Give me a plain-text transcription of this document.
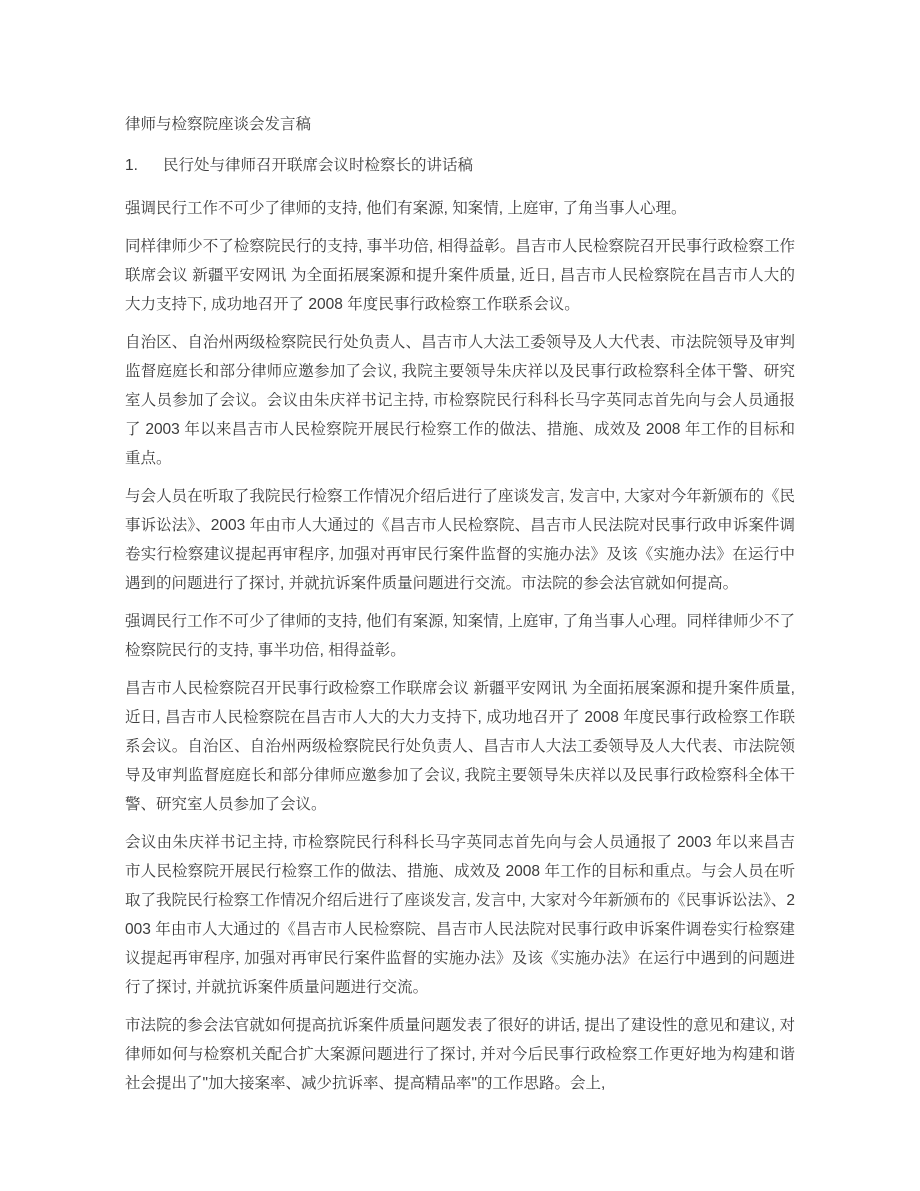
律师与检察院座谈会发言稿
1.	民行处与律师召开联席会议时检察长的讲话稿

强调民行工作不可少了律师的支持, 他们有案源, 知案情, 上庭审, 了角当事人心理。

同样律师少不了检察院民行的支持, 事半功倍, 相得益彰。昌吉市人民检察院召开民事行政检察工作联席会议 新疆平安网讯 为全面拓展案源和提升案件质量, 近日, 昌吉市人民检察院在昌吉市人大的大力支持下, 成功地召开了 2008 年度民事行政检察工作联系会议。

自治区、自治州两级检察院民行处负责人、昌吉市人大法工委领导及人大代表、市法院领导及审判监督庭庭长和部分律师应邀参加了会议, 我院主要领导朱庆祥以及民事行政检察科全体干警、研究室人员参加了会议。会议由朱庆祥书记主持, 市检察院民行科科长马字英同志首先向与会人员通报了 2003 年以来昌吉市人民检察院开展民行检察工作的做法、措施、成效及 2008 年工作的目标和重点。

与会人员在听取了我院民行检察工作情况介绍后进行了座谈发言, 发言中, 大家对今年新颁布的《民事诉讼法》、2003 年由市人大通过的《昌吉市人民检察院、昌吉市人民法院对民事行政申诉案件调卷实行检察建议提起再审程序, 加强对再审民行案件监督的实施办法》及该《实施办法》在运行中遇到的问题进行了探讨, 并就抗诉案件质量问题进行交流。市法院的参会法官就如何提高。

强调民行工作不可少了律师的支持, 他们有案源, 知案情, 上庭审, 了角当事人心理。同样律师少不了检察院民行的支持, 事半功倍, 相得益彰。

昌吉市人民检察院召开民事行政检察工作联席会议 新疆平安网讯 为全面拓展案源和提升案件质量, 近日, 昌吉市人民检察院在昌吉市人大的大力支持下, 成功地召开了 2008 年度民事行政检察工作联系会议。自治区、自治州两级检察院民行处负责人、昌吉市人大法工委领导及人大代表、市法院领导及审判监督庭庭长和部分律师应邀参加了会议, 我院主要领导朱庆祥以及民事行政检察科全体干警、研究室人员参加了会议。

会议由朱庆祥书记主持, 市检察院民行科科长马字英同志首先向与会人员通报了 2003 年以来昌吉市人民检察院开展民行检察工作的做法、措施、成效及 2008 年工作的目标和重点。与会人员在听取了我院民行检察工作情况介绍后进行了座谈发言, 发言中, 大家对今年新颁布的《民事诉讼法》、2003 年由市人大通过的《昌吉市人民检察院、昌吉市人民法院对民事行政申诉案件调卷实行检察建议提起再审程序, 加强对再审民行案件监督的实施办法》及该《实施办法》在运行中遇到的问题进行了探讨, 并就抗诉案件质量问题进行交流。

市法院的参会法官就如何提高抗诉案件质量问题发表了很好的讲话, 提出了建设性的意见和建议, 对律师如何与检察机关配合扩大案源问题进行了探讨, 并对今后民事行政检察工作更好地为构建和谐社会提出了"加大接案率、减少抗诉率、提高精品率"的工作思路。会上,
